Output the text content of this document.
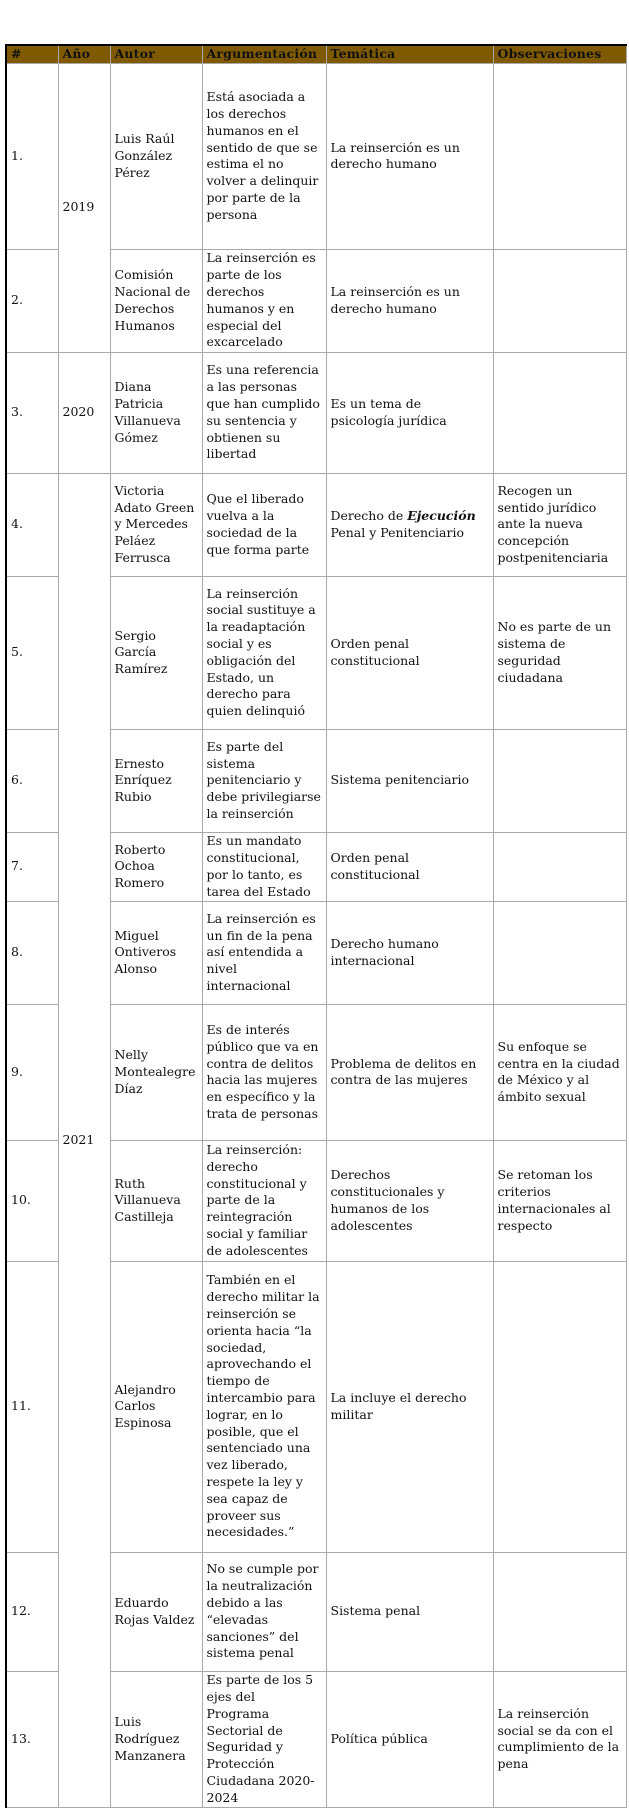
#	Año	Autor	Argumentación	Temática	Observaciones
1.	2019	Luis Raúl González Pérez	Está asociada a los derechos humanos en el sentido de que se estima el no volver a delinquir por parte de la persona	La reinserción es un derecho humano	
2.		Comisión Nacional de Derechos Humanos	La reinserción es parte de los derechos humanos y en especial del excarcelado	La reinserción es un derecho humano	
3.	2020	Diana Patricia Villanueva Gómez	Es una referencia a las personas que han cumplido su sentencia y obtienen su libertad	Es un tema de psicología jurídica	
4.	2021	Victoria Adato Green y Mercedes Peláez Ferrusca	Que el liberado vuelva a la sociedad de la que forma parte	Derecho de Ejecución Penal y Penitenciario	Recogen un sentido jurídico ante la nueva concepción postpenitenciaria
5.		Sergio García Ramírez	La reinserción social sustituye a la readaptación social y es obligación del Estado, un derecho para quien delinquió	Orden penal constitucional	No es parte de un sistema de seguridad ciudadana
6.		Ernesto Enríquez Rubio	Es parte del sistema penitenciario y debe privilegiarse la reinserción	Sistema penitenciario	
7.		Roberto Ochoa Romero	Es un mandato constitucional, por lo tanto, es tarea del Estado	Orden penal constitucional	
8.		Miguel Ontiveros Alonso	La reinserción es un fin de la pena así entendida a nivel internacional	Derecho humano internacional	
9.		Nelly Montealegre  Díaz	Es de interés público que va en contra de delitos hacia las mujeres en específico y la trata de personas	Problema de delitos en contra de las mujeres	Su enfoque se centra en la ciudad de México y al ámbito sexual
10.		Ruth Villanueva Castilleja	La reinserción: derecho constitucional y parte de la reintegración social y familiar de adolescentes	Derechos constitucionales y humanos de los adolescentes	Se retoman los criterios internacionales al respecto
11.		Alejandro Carlos Espinosa	También en el derecho militar la reinserción se orienta hacia “la sociedad, aprovechando el tiempo de intercambio para lograr, en lo posible, que el sentenciado una vez liberado, respete la ley y sea capaz de proveer sus necesidades.”	La incluye el derecho militar	
12.		Eduardo Rojas Valdez	No se cumple por la neutralización debido a las “elevadas sanciones” del sistema penal	Sistema penal	
13.		Luis Rodríguez Manzanera	Es parte de los 5 ejes del Programa Sectorial de Seguridad y Protección Ciudadana 2020-2024	Política pública	La reinserción social se da con el cumplimiento de la pena
